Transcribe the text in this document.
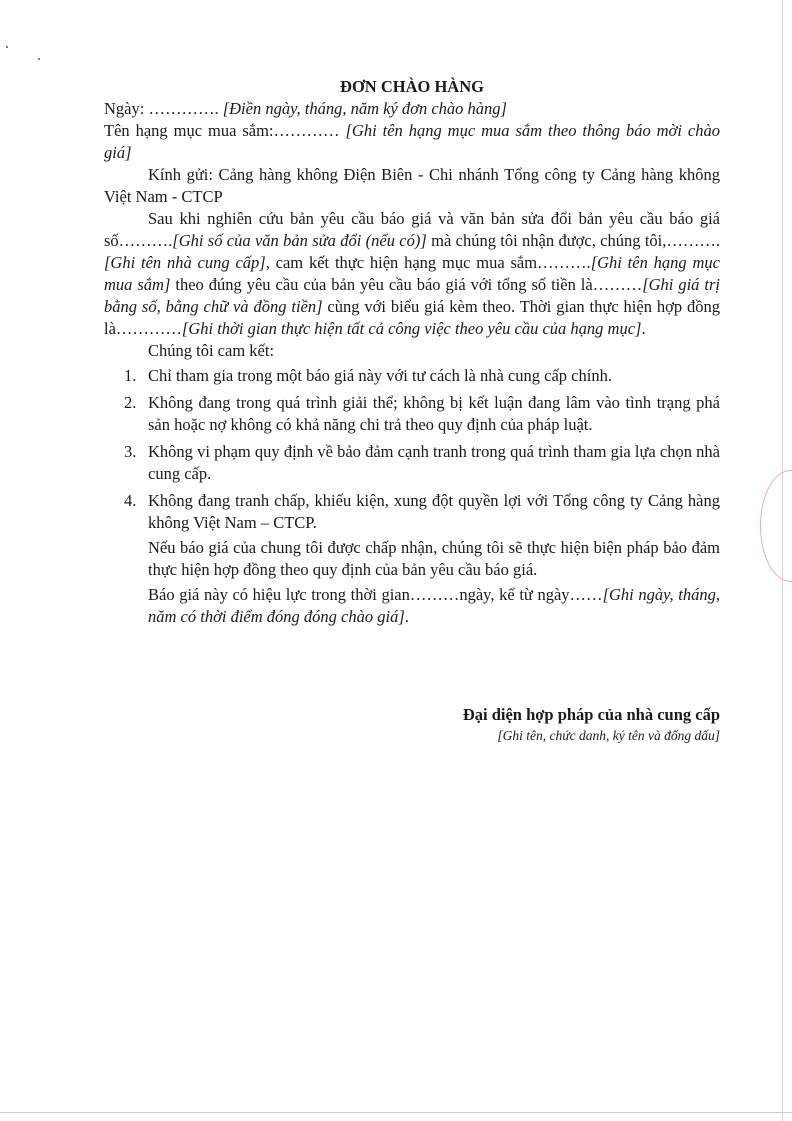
ĐƠN CHÀO HÀNG

Ngày: …………. [Điền ngày, tháng, năm ký đơn chào hàng]

Tên hạng mục mua sắm:………… [Ghi tên hạng mục mua sắm theo thông báo mời chào giá]

Kính gửi: Cảng hàng không Điện Biên - Chi nhánh Tổng công ty Cảng hàng không Việt Nam - CTCP

Sau khi nghiên cứu bản yêu cầu báo giá và văn bản sửa đổi bản yêu cầu báo giá số……….[Ghi số của văn bản sửa đổi (nếu có)] mà chúng tôi nhận được, chúng tôi,………. [Ghi tên nhà cung cấp], cam kết thực hiện hạng mục mua sắm……….[Ghi tên hạng mục mua sắm] theo đúng yêu cầu của bản yêu cầu báo giá với tổng số tiền là………[Ghi giá trị bằng số, bằng chữ và đồng tiền] cùng với biểu giá kèm theo. Thời gian thực hiện hợp đồng là…………[Ghi thời gian thực hiện tất cả công việc theo yêu cầu của hạng mục].

Chúng tôi cam kết:

1. Chỉ tham gia trong một báo giá này với tư cách là nhà cung cấp chính.
2. Không đang trong quá trình giải thể; không bị kết luận đang lâm vào tình trạng phá sản hoặc nợ không có khả năng chi trả theo quy định của pháp luật.
3. Không vi phạm quy định về bảo đảm cạnh tranh trong quá trình tham gia lựa chọn nhà cung cấp.
4. Không đang tranh chấp, khiếu kiện, xung đột quyền lợi với Tổng công ty Cảng hàng không Việt Nam – CTCP.

Nếu báo giá của chung tôi được chấp nhận, chúng tôi sẽ thực hiện biện pháp bảo đảm thực hiện hợp đồng theo quy định của bản yêu cầu báo giá.

Báo giá này có hiệu lực trong thời gian………ngày, kể từ ngày……[Ghi ngày, tháng, năm có thời điểm đóng đóng chào giá].

Đại diện hợp pháp của nhà cung cấp
[Ghi tên, chức danh, ký tên và đống dấu]
